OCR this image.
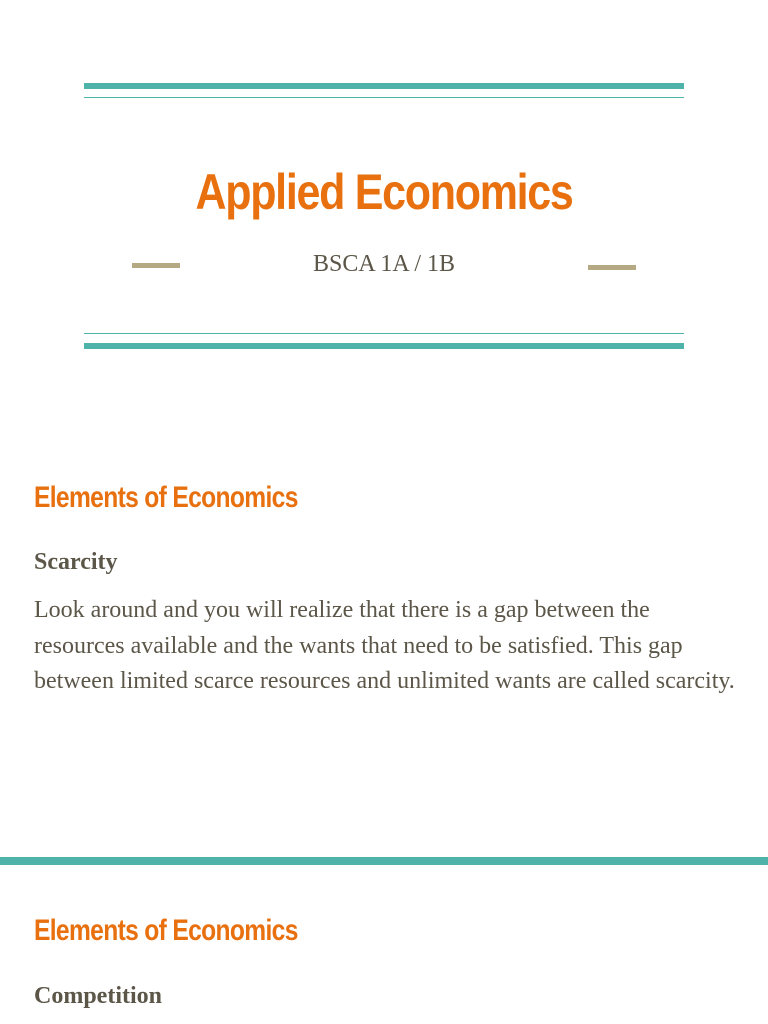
Applied Economics
BSCA 1A / 1B
Elements of Economics
Scarcity
Look around and you will realize that there is a gap between the resources available and the wants that need to be satisfied. This gap between limited scarce resources and unlimited wants are called scarcity.
Elements of Economics
Competition
